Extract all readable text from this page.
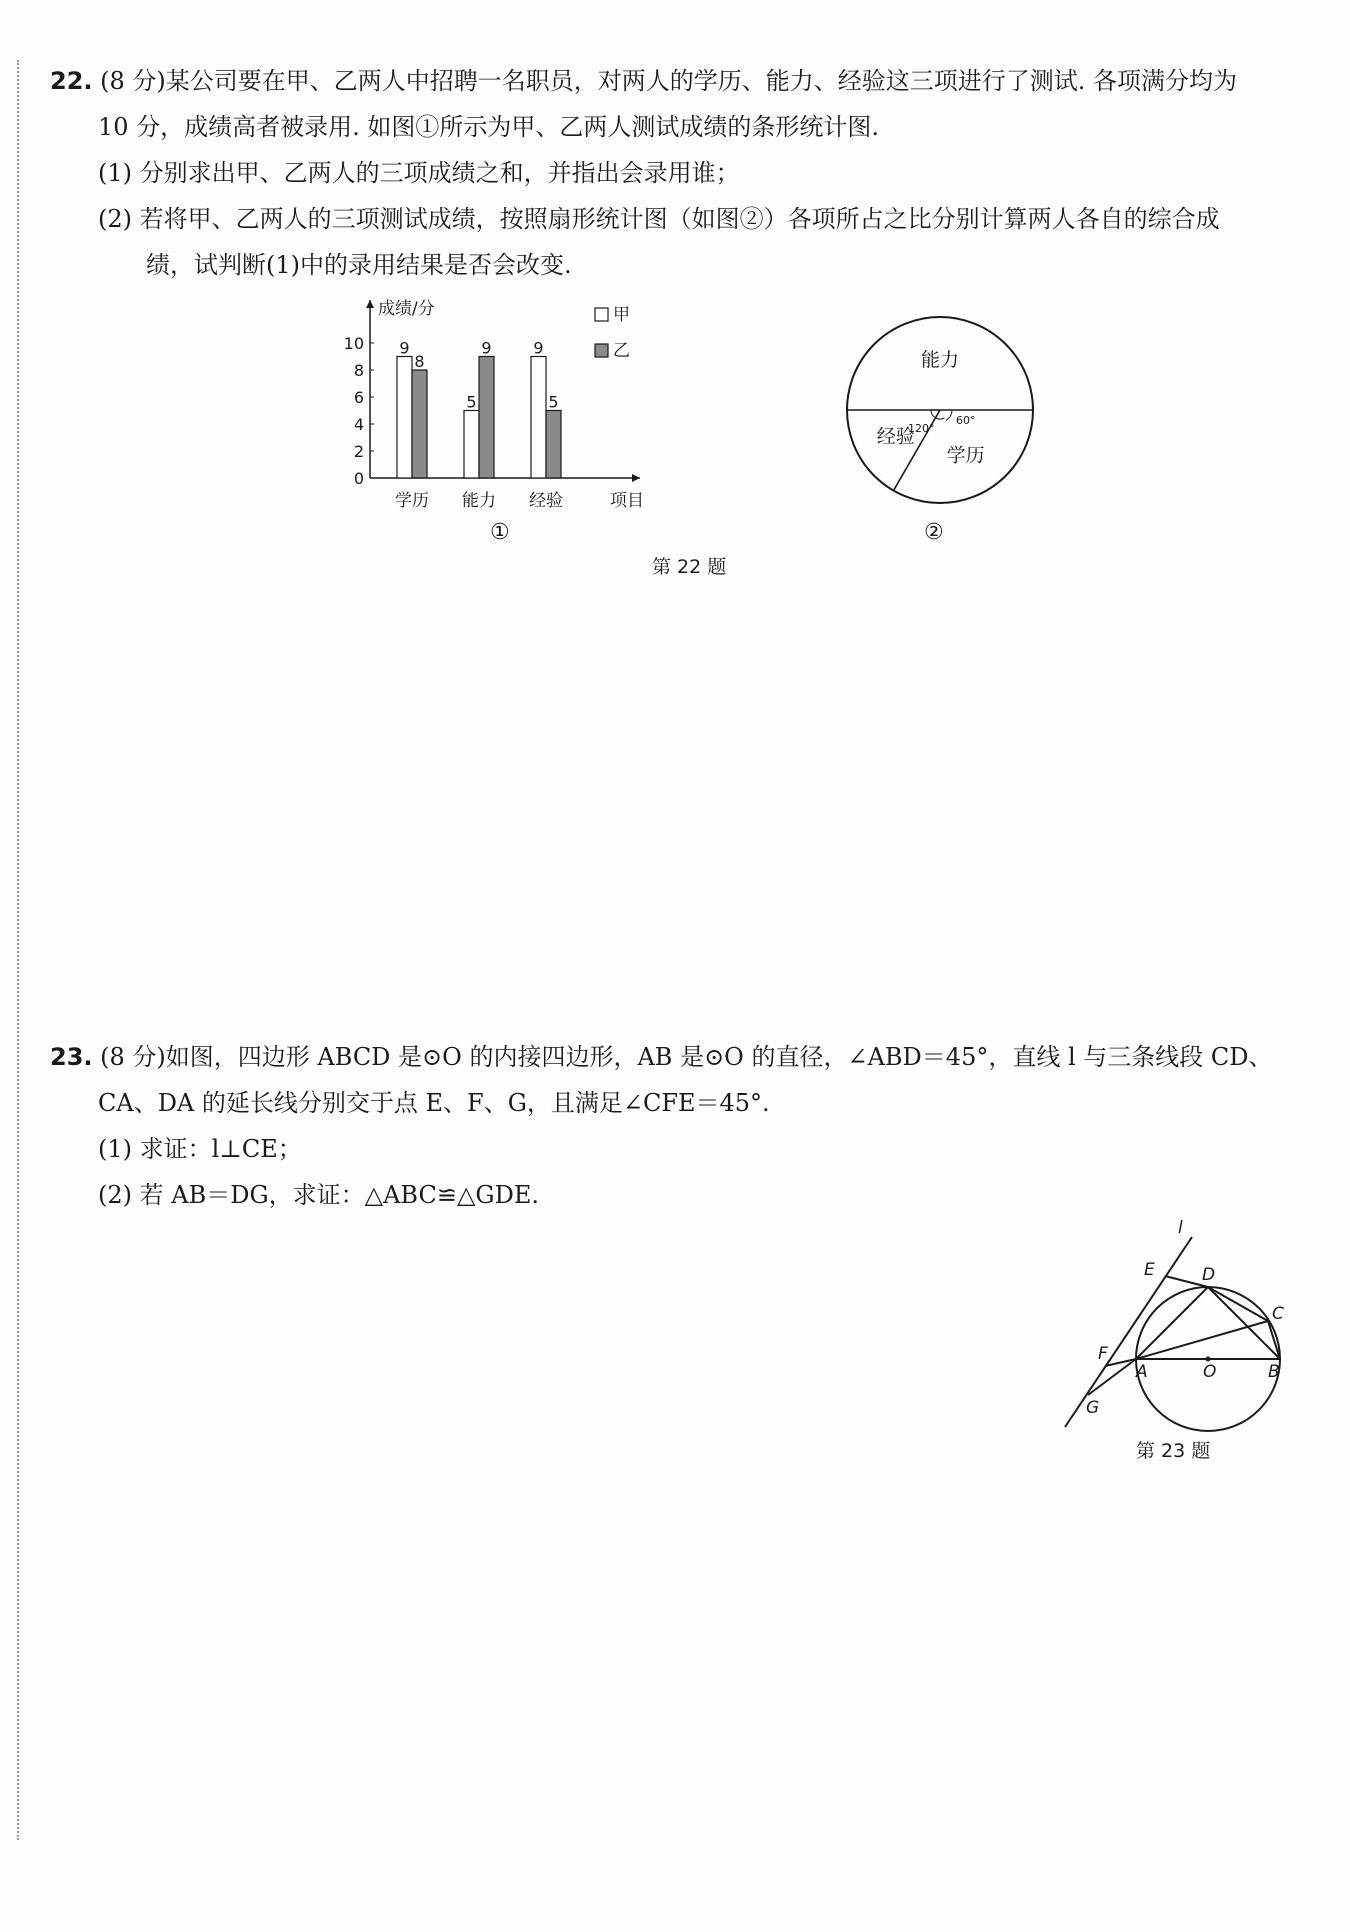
22. (8 分)某公司要在甲、乙两人中招聘一名职员，对两人的学历、能力、经验这三项进行了测试. 各项满分均为
10 分，成绩高者被录用. 如图①所示为甲、乙两人测试成绩的条形统计图.
(1) 分别求出甲、乙两人的三项成绩之和，并指出会录用谁；
(2) 若将甲、乙两人的三项测试成绩，按照扇形统计图（如图②）各项所占之比分别计算两人各自的综合成
绩，试判断(1)中的录用结果是否会改变.
成绩/分
项目
0
2
4
6
8
10
学历 能力 经验
9
8
5
9	9
5
甲
乙
①
能力
学历
经验
120°
60°
②
第 22 题
23. (8 分)如图，四边形 ABCD 是⊙O 的内接四边形，AB 是⊙O 的直径，∠ABD＝45°，直线 l 与三条线段 CD、
CA、DA 的延长线分别交于点 E、F、G，且满足∠CFE＝45°.
(1) 求证：l⊥CE；
(2) 若 AB＝DG，求证：△ABC≌△GDE.
l
E	D
C
F
A	O	B
G
第 23 题
